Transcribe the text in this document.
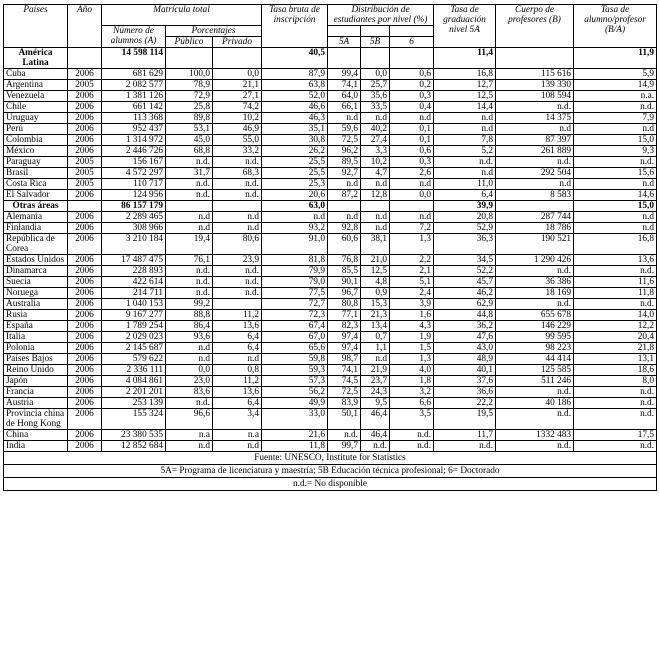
Países	Año	Matrícula total			Tasa bruta de inscripción	Distribución de estudiantes por nivel (%)			Tasa de graduación nivel 5A	Cuerpo de profesores (B)	Tasa de alumno/profesor (B/A)
		Número de alumnos (A)	Porcentajes								
			Público	Privado		5A	5B	6			
América Latina		14 598 114			40,5				11,4		11,9
Cuba	2006	681 629	100,0	0,0	87,9	99,4	0,0	0,6	16,8	115 616	5,9
Argentina	2005	2 082 577	78,9	21,1	63,8	74,1	25,7	0,2	12,7	139 330	14,9
Venezuela	2006	1 381 126	72,9	27,1	52,0	64,0	35,6	0,3	12,5	108 594	n.a.
Chile	2006	661 142	25,8	74,2	46,6	66,1	33,5	0,4	14,4	n.d.	n.d.
Uruguay	2006	113 368	89,8	10,2	46,3	n.d	n.d	n.d	n.d	14 375	7,9
Perú	2006	952 437	53,1	46,9	35,1	59,6	40,2	0,1	n.d	n.d	n.d
Colombia	2006	1 314 972	45,0	55,0	30,8	72,5	27,4	0,1	7,8	87 397	15,0
México	2006	2 446 726	68,8	33,2	26,2	96,2	3,3	0,6	5,2	261 889	9,3
Paraguay	2005	156 167	n.d.	n.d.	25,5	89,5	10,2	0,3	n.d.	n.d.	n.d.
Brasil	2005	4 572 297	31,7	68,3	25,5	92,7	4,7	2,6	n.d	292 504	15,6
Costa Rica	2005	110 717	n.d.	n.d.	25,3	n.d	n.d	n.d	11,0	n.d	n.d
El Salvador	2006	124 956	n.d.	n.d.	20,6	87,2	12,8	0,0	6,4	8 583	14,6
Otras áreas		86 157 179			63,0				39,9		15,0
Alemania	2006	2 289 465	n.d	n.d	n.d	n.d	n.d	n.d	20,8	287 744	n.d
Finlandia	2006	308 966	n.d	n.d	93,2	92,8	n.d	7,2	52,9	18 786	n.d
República de Corea	2006	3 210 184	19,4	80,6	91,0	60,6	38,1	1,3	36,3	190 521	16,8
Estados Unidos	2006	17 487 475	76,1	23,9	81,8	76,8	21,0	2,2	34,5	1 290 426	13,6
Dinamarca	2006	228 893	n.d.	n.d.	79,9	85,5	12,5	2,1	52,2	n.d.	n.d.
Suecia	2006	422 614	n.d.	n.d.	79,0	90,1	4,8	5,1	45,7	36 386	11,6
Noruega	2006	214 711	n.d.	n.d.	77,5	96,7	0,9	2,4	46,2	18 169	11,8
Australia	2006	1 040 153	99,2		72,7	80,8	15,3	3,9	62,9	n.d.	n.d.
Rusia	2006	9 167 277	88,8	11,2	72,3	77,1	21,3	1,6	44,8	655 678	14,0
España	2006	1 789 254	86,4	13,6	67,4	82,3	13,4	4,3	36,2	146 229	12,2
Italia	2006	2 029 023	93,6	6,4	67,0	97,4	0,7	1,9	47,6	99 595	20,4
Polonia	2006	2 145 687	n.d	6,4	65,6	97,4	1,1	1,5	43,0	98 223	21,8
Países Bajos	2006	579 622	n.d	n.d	59,8	98,7	n.d	1,3	48,9	44 414	13,1
Reino Unido	2006	2 336 111	0,0	0,8	59,3	74,1	21,9	4,0	40,1	125 585	18,6
Japón	2006	4 084 861	23,0	11,2	57,3	74,5	23,7	1,8	37,6	511 246	8,0
Francia	2006	2 201 201	83,6	13,6	56,2	72,5	24,3	3,2	36,6	n.d.	n.d.
Austria	2006	253 139	n.d.	6,4	49,9	83,9	9,5	6,6	22,2	40 186	n.d.
Provincia china de Hong Kong	2006	155 324	96,6	3,4	33,0	50,1	46,4	3,5	19,5	n.d.	n.d.
China	2006	23 380 535	n.a	n.a	21,6	n.d.	46,4	n.d.	11,7	1332 483	17,5
India	2006	12 852 684	n.d	n.d	11,8	99,7	n.d.	n.d.	n.d.	n.d.	n.d.
Fuente: UNESCO, Institute for Statistics											
5A= Programa de licenciatura y maestría; 5B Educación técnica profesional; 6= Doctorado											
n.d.= No disponible											
